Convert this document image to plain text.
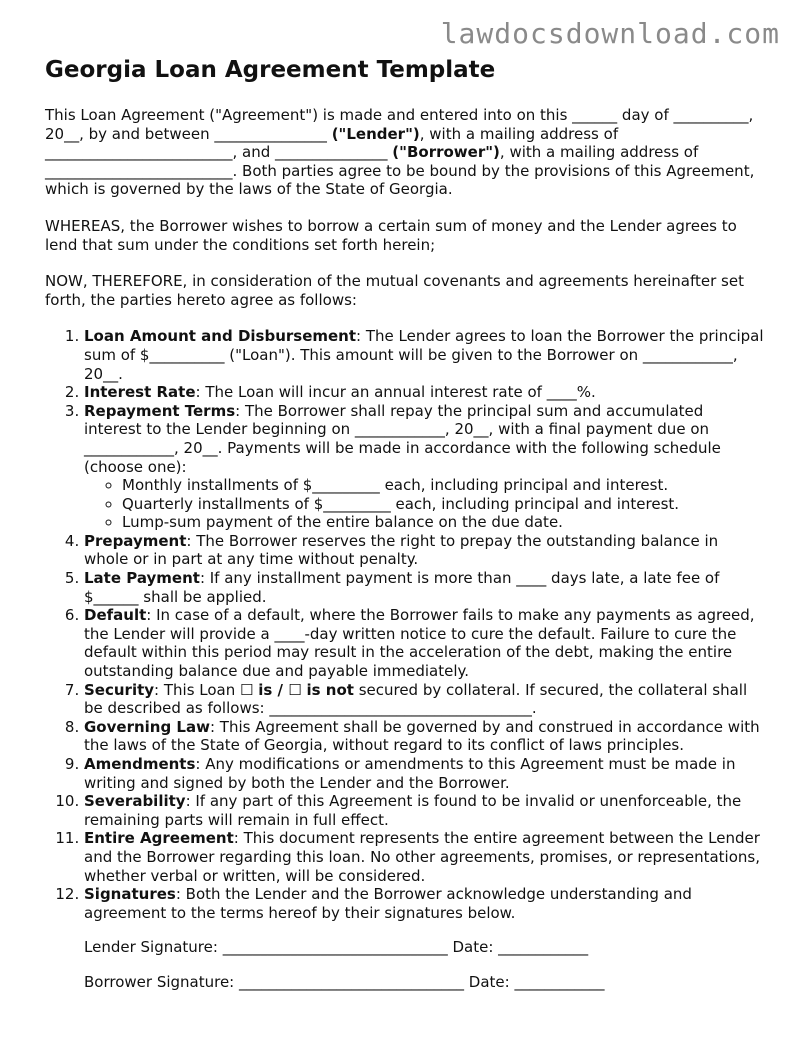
lawdocsdownload.com
Georgia Loan Agreement Template

This Loan Agreement ("Agreement") is made and entered into on this ______ day of __________, 20__, by and between _______________ ("Lender"), with a mailing address of _________________________, and _______________ ("Borrower"), with a mailing address of _________________________. Both parties agree to be bound by the provisions of this Agreement, which is governed by the laws of the State of Georgia.

WHEREAS, the Borrower wishes to borrow a certain sum of money and the Lender agrees to lend that sum under the conditions set forth herein;

NOW, THEREFORE, in consideration of the mutual covenants and agreements hereinafter set forth, the parties hereto agree as follows:

1. Loan Amount and Disbursement: The Lender agrees to loan the Borrower the principal sum of $__________ ("Loan"). This amount will be given to the Borrower on ____________, 20__.
2. Interest Rate: The Loan will incur an annual interest rate of ____%.
3. Repayment Terms: The Borrower shall repay the principal sum and accumulated interest to the Lender beginning on ____________, 20__, with a final payment due on ____________, 20__. Payments will be made in accordance with the following schedule (choose one):
◦ Monthly installments of $_________ each, including principal and interest.
◦ Quarterly installments of $_________ each, including principal and interest.
◦ Lump-sum payment of the entire balance on the due date.
4. Prepayment: The Borrower reserves the right to prepay the outstanding balance in whole or in part at any time without penalty.
5. Late Payment: If any installment payment is more than ____ days late, a late fee of $______ shall be applied.
6. Default: In case of a default, where the Borrower fails to make any payments as agreed, the Lender will provide a ____-day written notice to cure the default. Failure to cure the default within this period may result in the acceleration of the debt, making the entire outstanding balance due and payable immediately.
7. Security: This Loan ☐ is / ☐ is not secured by collateral. If secured, the collateral shall be described as follows: ___________________________________.
8. Governing Law: This Agreement shall be governed by and construed in accordance with the laws of the State of Georgia, without regard to its conflict of laws principles.
9. Amendments: Any modifications or amendments to this Agreement must be made in writing and signed by both the Lender and the Borrower.
10. Severability: If any part of this Agreement is found to be invalid or unenforceable, the remaining parts will remain in full effect.
11. Entire Agreement: This document represents the entire agreement between the Lender and the Borrower regarding this loan. No other agreements, promises, or representations, whether verbal or written, will be considered.
12. Signatures: Both the Lender and the Borrower acknowledge understanding and agreement to the terms hereof by their signatures below.
Lender Signature: ______________________________ Date: ____________
Borrower Signature: ______________________________ Date: ____________
